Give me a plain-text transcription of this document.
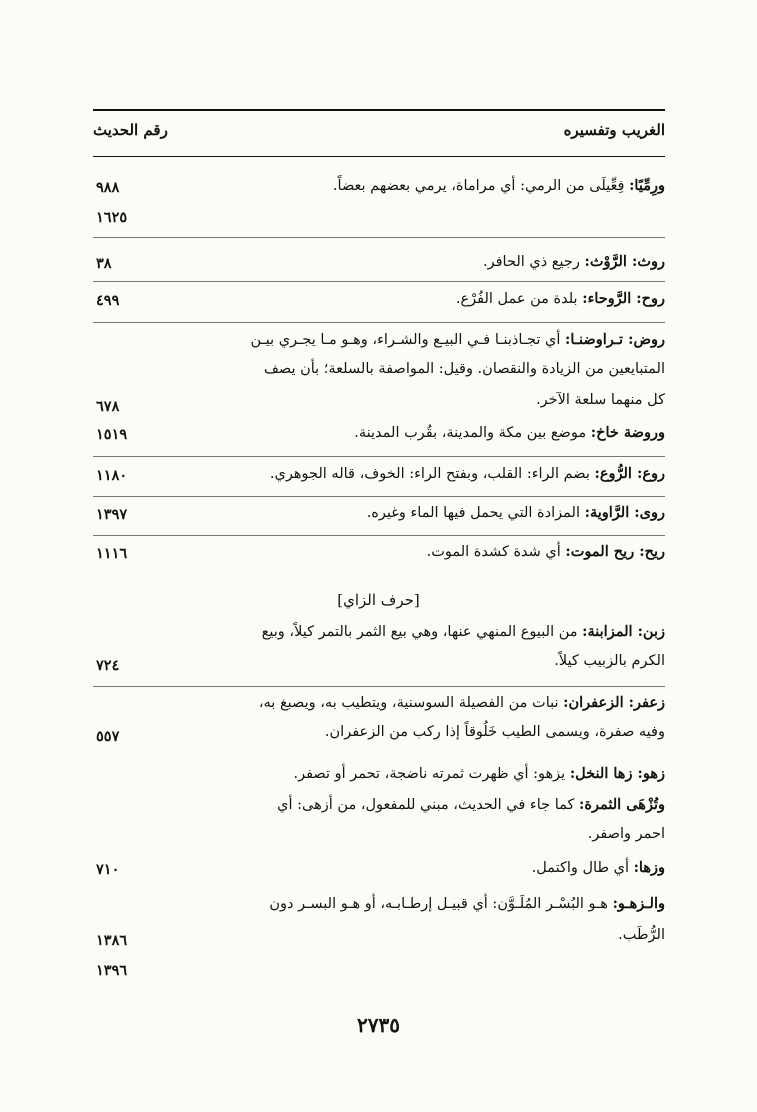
الغريب وتفسيره
رقم الحديث
ورِمِّيًا: فِعِّيلَى من الرمي: أي مراماة، يرمي بعضهم بعضاً.
٩٨٨
١٦٢٥
روث: الرَّوْث: رجيع ذي الحافر.
٣٨
روح: الرَّوحاء: بلدة من عمل الفُرْع.
٤٩٩
روض: تـراوضنـا: أي تجـاذبنـا فـي البيـع والشـراء، وهـو مـا يجـري بيـن
المتبايعين من الزيادة والنقصان. وقيل: المواصفة بالسلعة؛ بأن يصف
كل منهما سلعة الآخر.
٦٧٨
وروضة خاخ: موضع بين مكة والمدينة، بقُرب المدينة.
١٥١٩
روع: الرُّوع: بضم الراء: القلب، وبفتح الراء: الخوف، قاله الجوهري.
١١٨٠
روى: الرَّاوية: المزادة التي يحمل فيها الماء وغيره.
١٣٩٧
ريح: ريح الموت: أي شدة كشدة الموت.
١١١٦
[حرف الزاي]
زبن: المزابنة: من البيوع المنهي عنها، وهي بيع الثمر بالتمر كيلاً، وبيع
الكرم بالزبيب كيلاً.
٧٢٤
زعفر: الزعفران: نبات من الفصيلة السوسنية، ويتطيب به، ويصبغ به،
وفيه صفرة، ويسمى الطيب خَلُوقاً إذا ركب من الزعفران.
٥٥٧
زهو: زها النخل: يزهو: أي ظهرت ثمرته ناضجة، تحمر أو تصفر.
وتُزْهَى الثمرة: كما جاء في الحديث، مبني للمفعول، من أزهى: أي
احمر واصفر.
وزها: أي طال واكتمل.
٧١٠
والـزهـو: هـو البُسْـر المُلَـوَّن: أي قبيـل إرطـابـه، أو هـو البسـر دون
الرُّطَب.
١٣٨٦
١٣٩٦
٢٧٣٥
